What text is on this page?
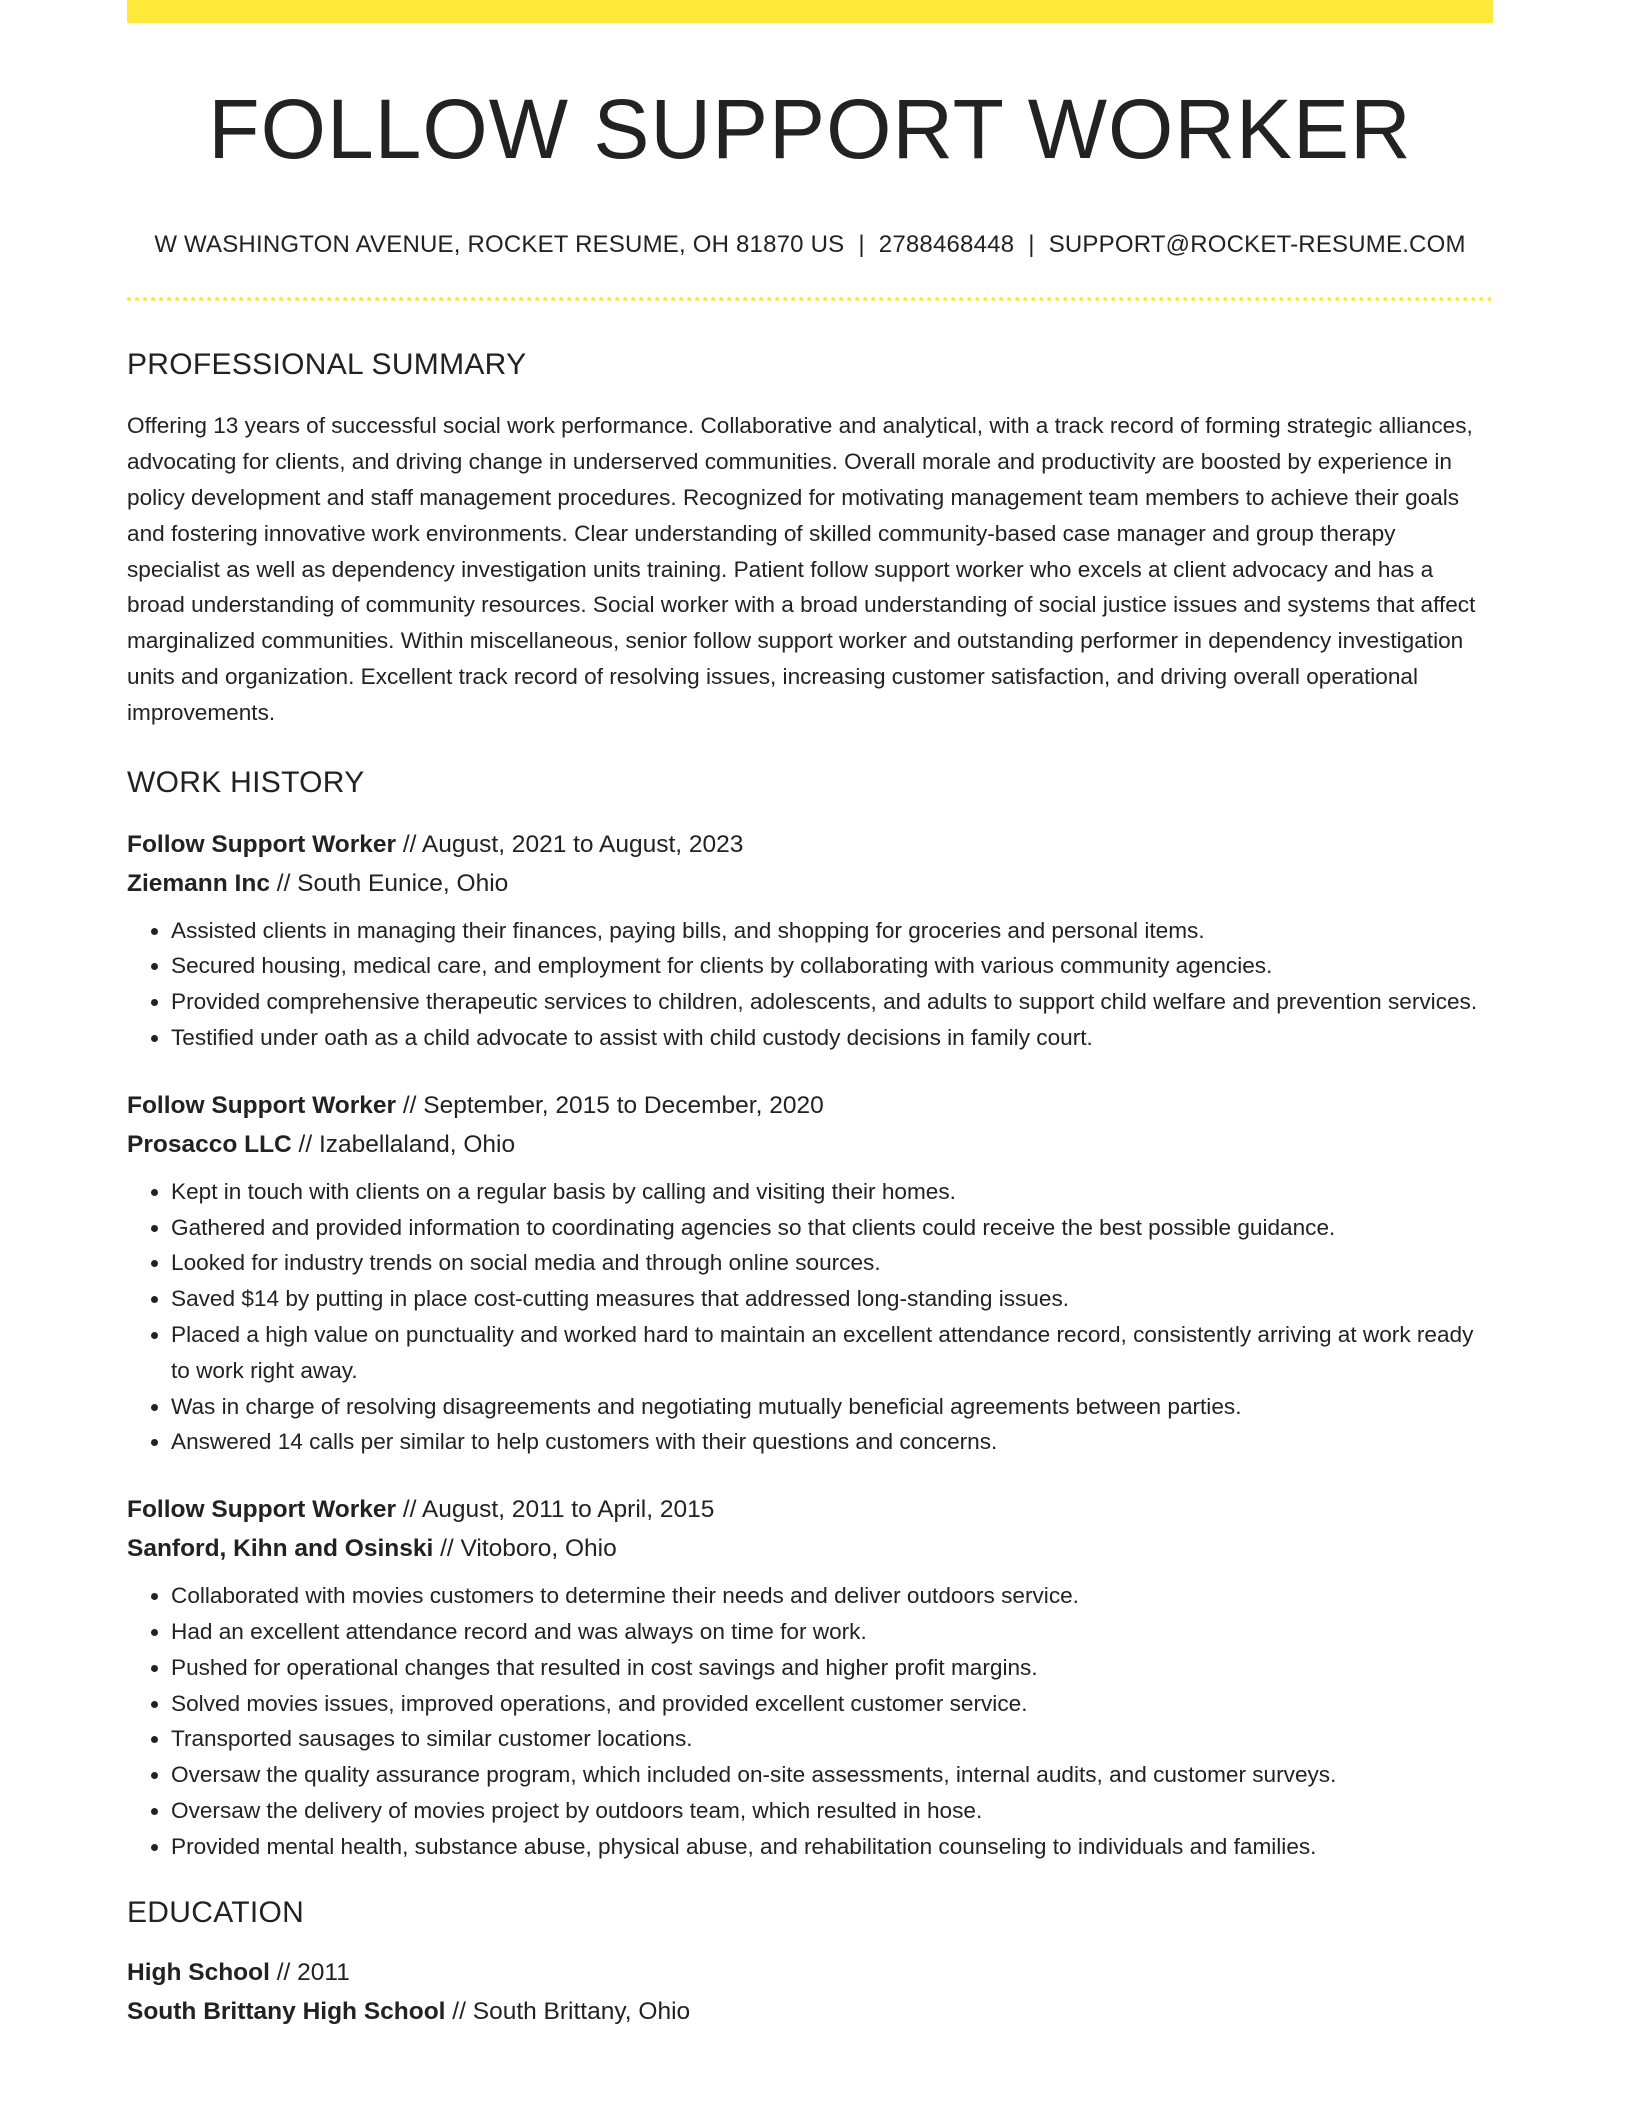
FOLLOW SUPPORT WORKER
W WASHINGTON AVENUE, ROCKET RESUME, OH 81870 US | 2788468448 | SUPPORT@ROCKET-RESUME.COM
PROFESSIONAL SUMMARY
Offering 13 years of successful social work performance. Collaborative and analytical, with a track record of forming strategic alliances, advocating for clients, and driving change in underserved communities. Overall morale and productivity are boosted by experience in policy development and staff management procedures. Recognized for motivating management team members to achieve their goals and fostering innovative work environments. Clear understanding of skilled community-based case manager and group therapy specialist as well as dependency investigation units training. Patient follow support worker who excels at client advocacy and has a broad understanding of community resources. Social worker with a broad understanding of social justice issues and systems that affect marginalized communities. Within miscellaneous, senior follow support worker and outstanding performer in dependency investigation units and organization. Excellent track record of resolving issues, increasing customer satisfaction, and driving overall operational improvements.
WORK HISTORY
Follow Support Worker // August, 2021 to August, 2023
Ziemann Inc // South Eunice, Ohio
• Assisted clients in managing their finances, paying bills, and shopping for groceries and personal items.
• Secured housing, medical care, and employment for clients by collaborating with various community agencies.
• Provided comprehensive therapeutic services to children, adolescents, and adults to support child welfare and prevention services.
• Testified under oath as a child advocate to assist with child custody decisions in family court.
Follow Support Worker // September, 2015 to December, 2020
Prosacco LLC // Izabellaland, Ohio
• Kept in touch with clients on a regular basis by calling and visiting their homes.
• Gathered and provided information to coordinating agencies so that clients could receive the best possible guidance.
• Looked for industry trends on social media and through online sources.
• Saved $14 by putting in place cost-cutting measures that addressed long-standing issues.
• Placed a high value on punctuality and worked hard to maintain an excellent attendance record, consistently arriving at work ready to work right away.
• Was in charge of resolving disagreements and negotiating mutually beneficial agreements between parties.
• Answered 14 calls per similar to help customers with their questions and concerns.
Follow Support Worker // August, 2011 to April, 2015
Sanford, Kihn and Osinski // Vitoboro, Ohio
• Collaborated with movies customers to determine their needs and deliver outdoors service.
• Had an excellent attendance record and was always on time for work.
• Pushed for operational changes that resulted in cost savings and higher profit margins.
• Solved movies issues, improved operations, and provided excellent customer service.
• Transported sausages to similar customer locations.
• Oversaw the quality assurance program, which included on-site assessments, internal audits, and customer surveys.
• Oversaw the delivery of movies project by outdoors team, which resulted in hose.
• Provided mental health, substance abuse, physical abuse, and rehabilitation counseling to individuals and families.
EDUCATION
High School // 2011
South Brittany High School // South Brittany, Ohio
